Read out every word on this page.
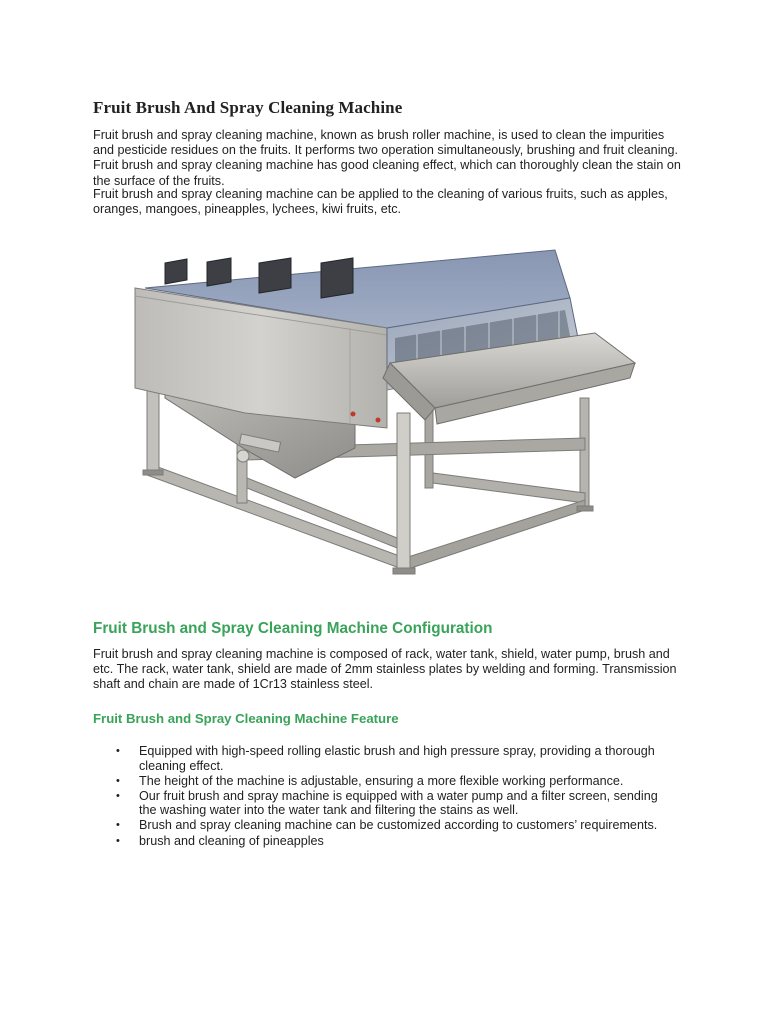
Fruit Brush And Spray Cleaning Machine

Fruit brush and spray cleaning machine, known as brush roller machine, is used to clean the impurities and pesticide residues on the fruits. It performs two operation simultaneously, brushing and fruit cleaning. Fruit brush and spray cleaning machine has good cleaning effect, which can thoroughly clean the stain on the surface of the fruits.

Fruit brush and spray cleaning machine can be applied to the cleaning of various fruits, such as apples, oranges, mangoes, pineapples, lychees, kiwi fruits, etc.

Fruit Brush and Spray Cleaning Machine Configuration

Fruit brush and spray cleaning machine is composed of rack, water tank, shield, water pump, brush and etc. The rack, water tank, shield are made of 2mm stainless plates by welding and forming. Transmission shaft and chain are made of 1Cr13 stainless steel.

Fruit Brush and Spray Cleaning Machine Feature
• Equipped with high-speed rolling elastic brush and high pressure spray, providing a thorough cleaning effect.
• The height of the machine is adjustable, ensuring a more flexible working performance.
• Our fruit brush and spray machine is equipped with a water pump and a filter screen, sending the washing water into the water tank and filtering the stains as well.
• Brush and spray cleaning machine can be customized according to customers’ requirements.
• brush and cleaning of pineapples
